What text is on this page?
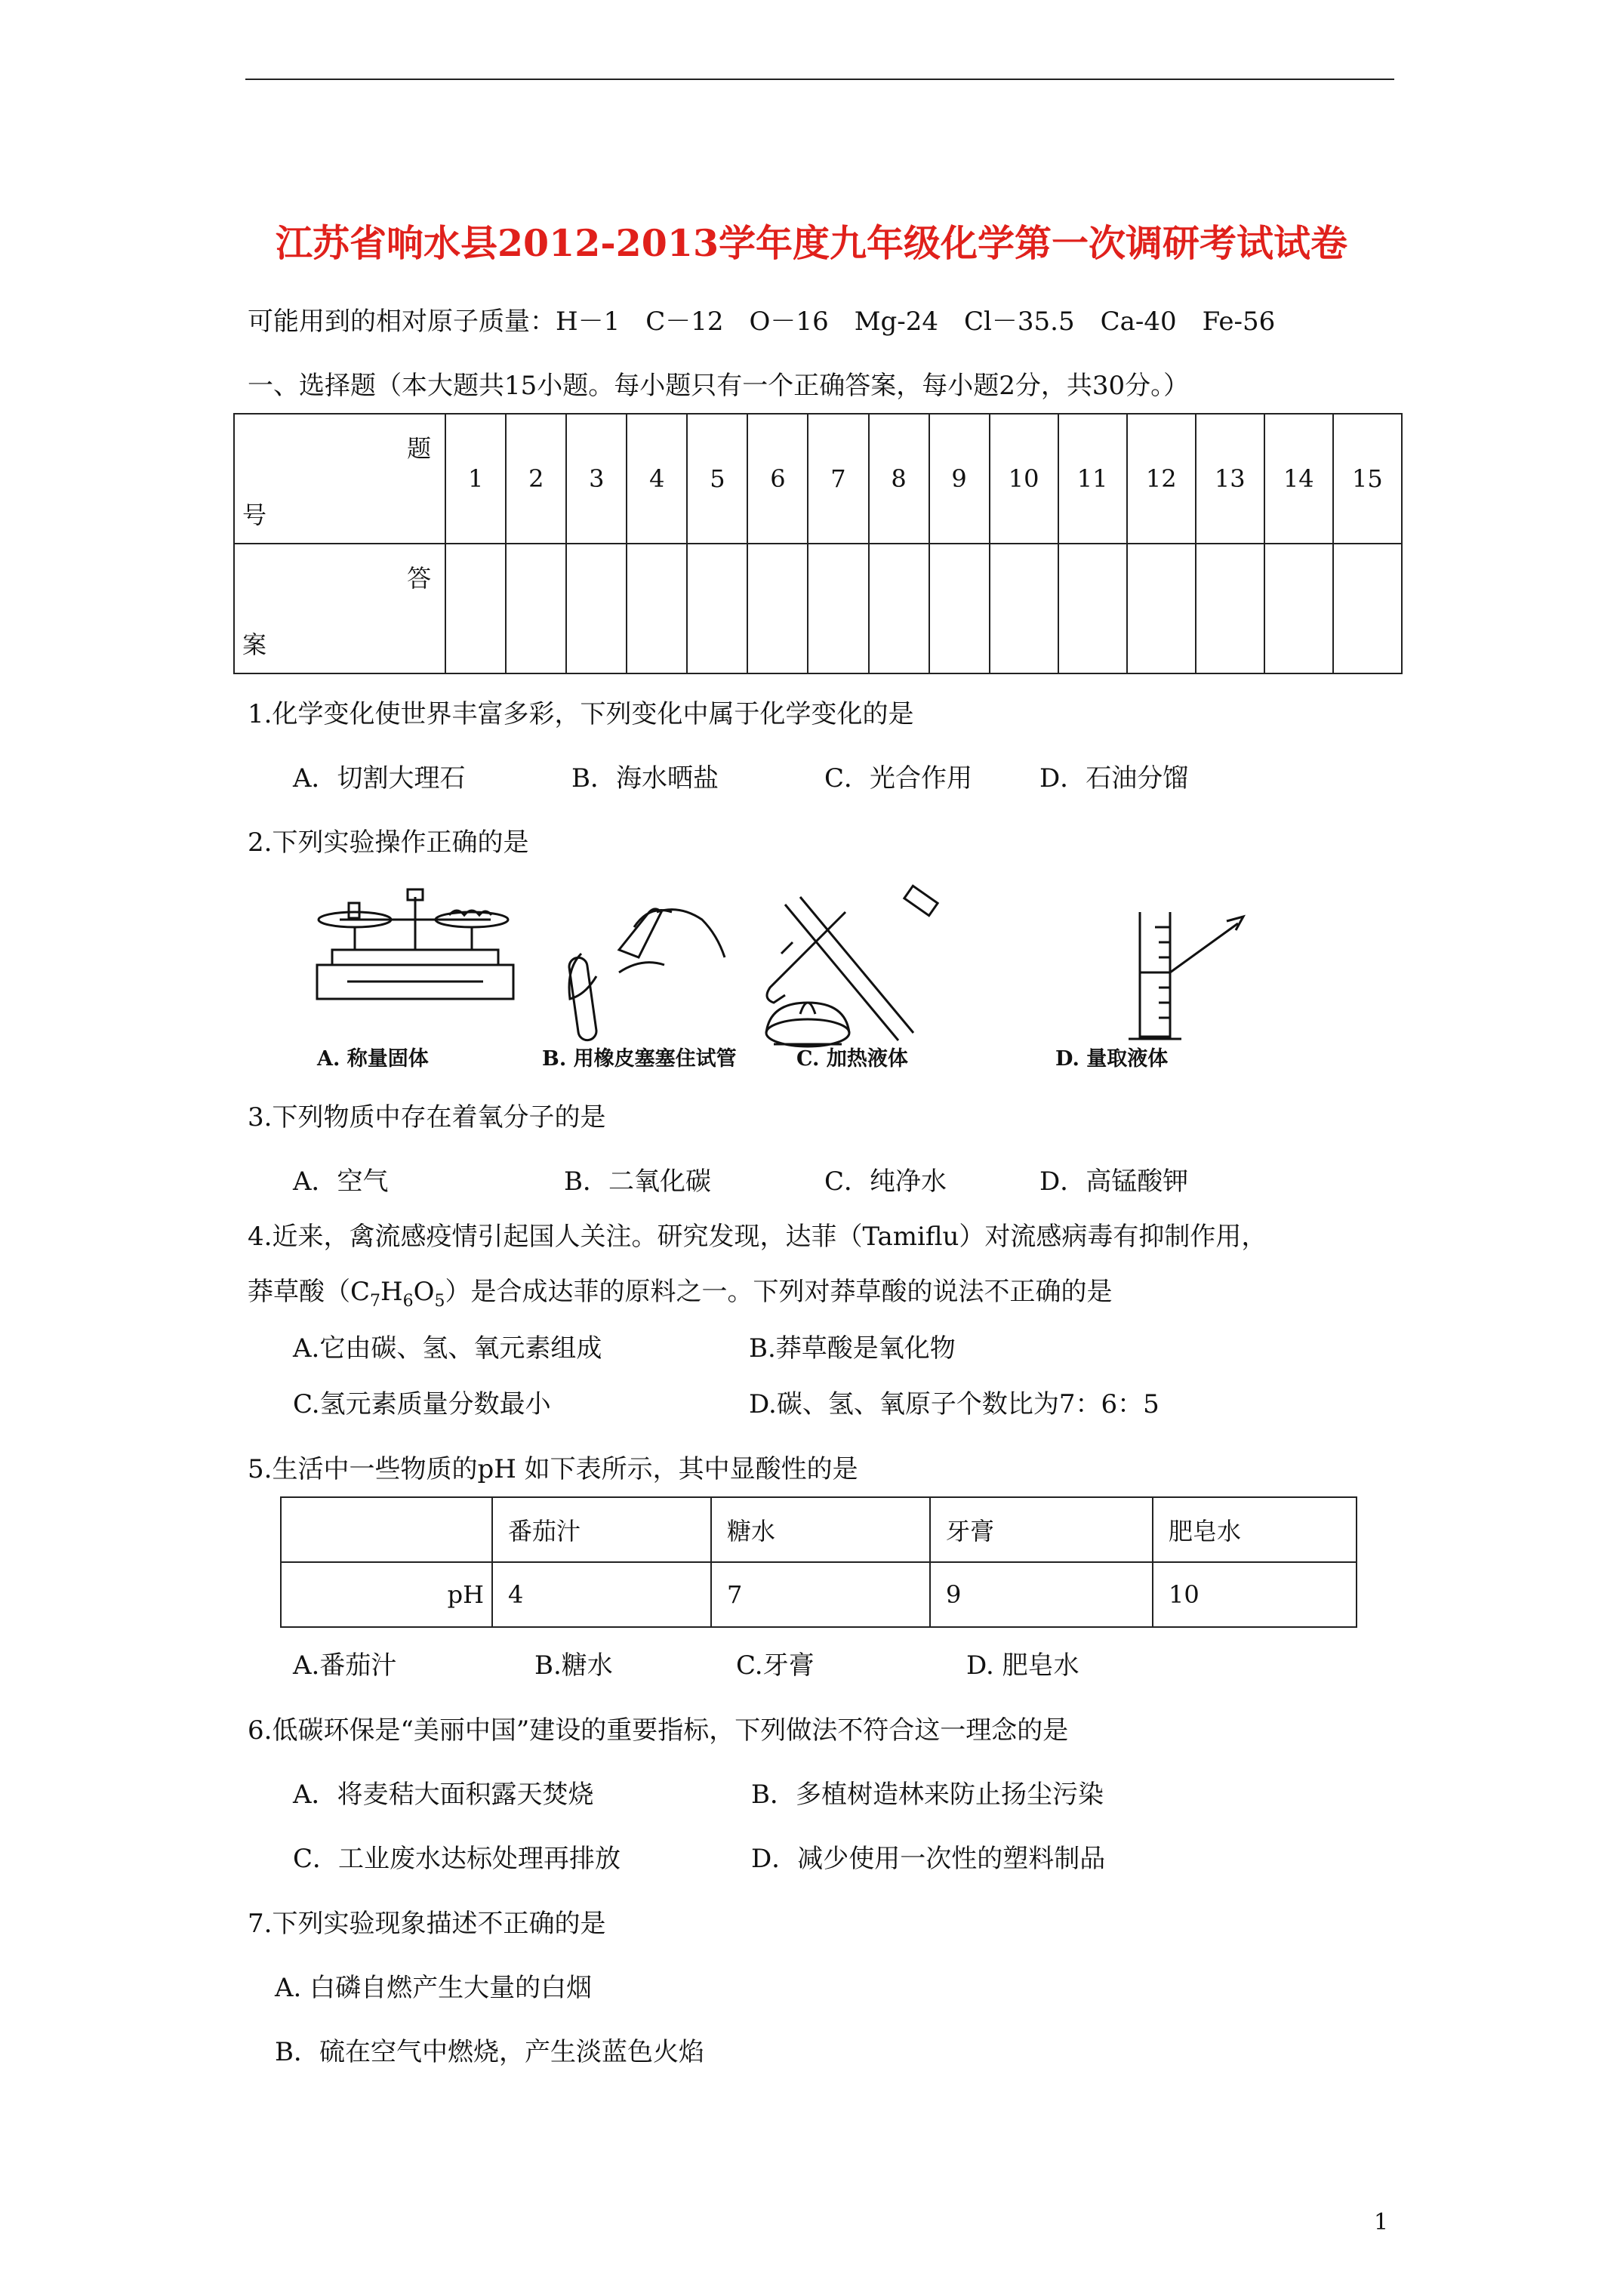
江苏省响水县2012-2013学年度九年级化学第一次调研考试试卷
可能用到的相对原子质量：H－1　C－12　O－16　Mg-24　Cl－35.5　Ca-40　Fe-56
一、选择题（本大题共15小题。每小题只有一个正确答案，每小题2分，共30分。）
题
号	1	2	3	4	5	6	7	8	9	10	11	12	13	14	15

答
案															

1.化学变化使世界丰富多彩，下列变化中属于化学变化的是
A．切割大理石	B．海水晒盐	C．光合作用	D．石油分馏
2.下列实验操作正确的是
A. 称量固体	B. 用橡皮塞塞住试管	C. 加热液体	D. 量取液体
3.下列物质中存在着氧分子的是
A．空气	B．二氧化碳	C．纯净水	D．高锰酸钾
4.近来，禽流感疫情引起国人关注。研究发现，达菲（Tamiflu）对流感病毒有抑制作用，
莽草酸$(C_7H_6O_5)$是合成达菲的原料之一。下列对莽草酸的说法不正确的是
A.它由碳、氢、氧元素组成	B.莽草酸是氧化物
C.氢元素质量分数最小	D.碳、氢、氧原子个数比为7：6：5
5.生活中一些物质的pH 如下表所示，其中显酸性的是
	番茄汁	糖水	牙膏	肥皂水
pH	4	7	9	10
A.番茄汁	B.糖水	C.牙膏	D. 肥皂水
6.低碳环保是“美丽中国”建设的重要指标，下列做法不符合这一理念的是
A．将麦秸大面积露天焚烧	B．多植树造林来防止扬尘污染
C．工业废水达标处理再排放	D．减少使用一次性的塑料制品
7.下列实验现象描述不正确的是
A. 白磷自燃产生大量的白烟
B．硫在空气中燃烧，产生淡蓝色火焰
1
